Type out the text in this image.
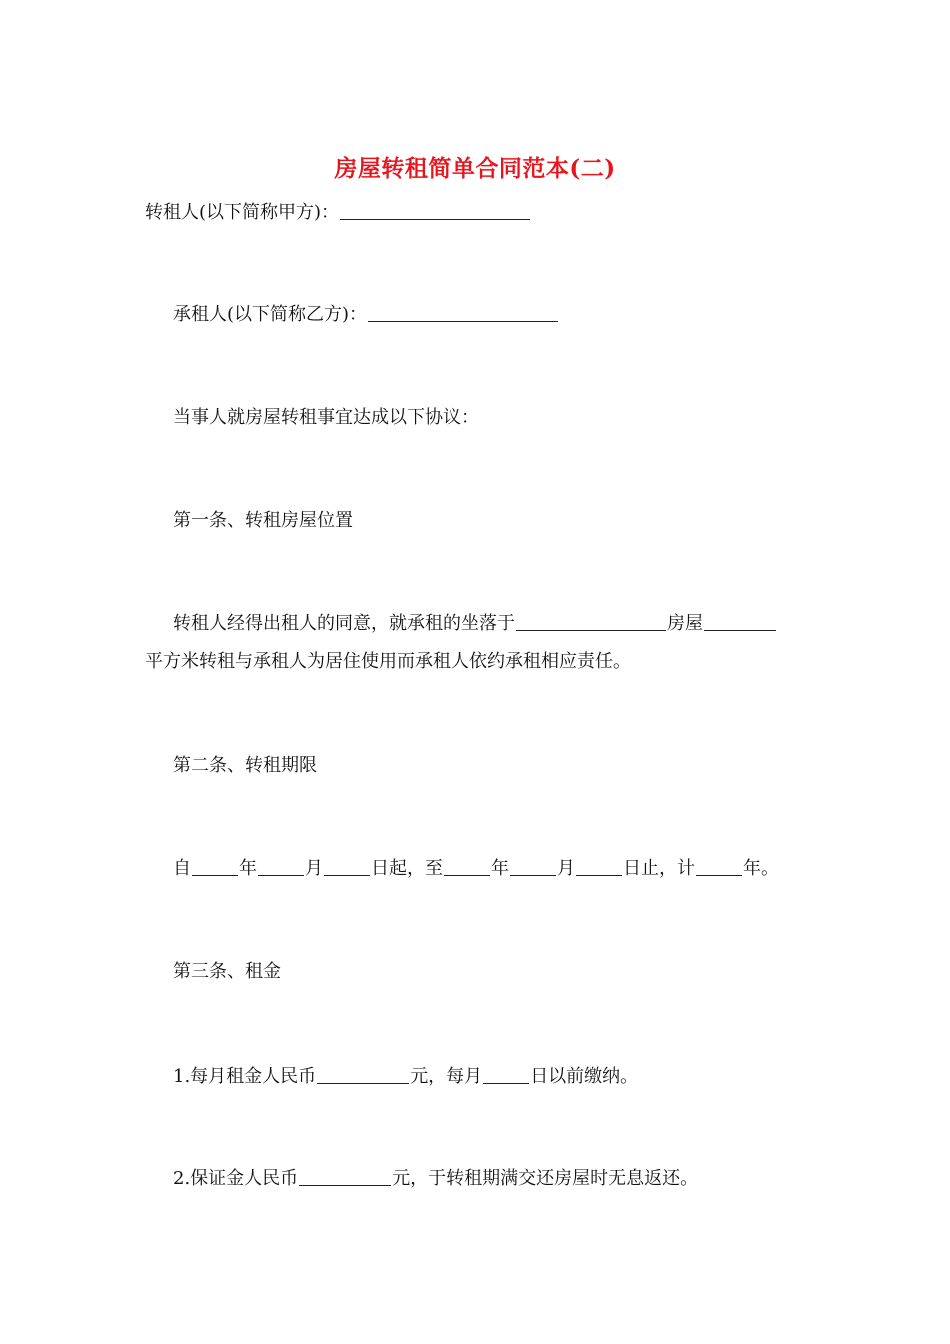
房屋转租简单合同范本(二)
转租人(以下简称甲方)：
承租人(以下简称乙方)：
当事人就房屋转租事宜达成以下协议：
第一条、转租房屋位置
转租人经得出租人的同意，就承租的坐落于	房屋
平方米转租与承租人为居住使用而承租人依约承租相应责任。
第二条、转租期限
自	年	月	日起，至	年	月	日止，计	年。
第三条、租金
1.每月租金人民币	元，每月	日以前缴纳。
2.保证金人民币	元，于转租期满交还房屋时无息返还。
